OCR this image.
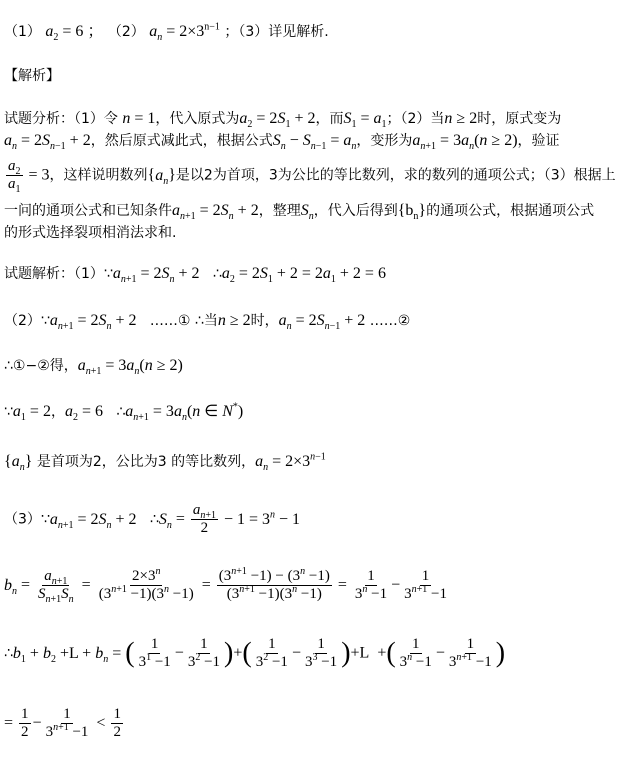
（1） $a_2 = 6$ ； （2） $a_n = 2\times 3^{n-1}$ ；（3）详见解析.
【解析】
试题分析：（1）令 n = 1，代入原式为$a_2 = 2S_1 + 2$，而$S_1 = a_1$；（2）当n ≥ 2时，原式变为
$a_n = 2S_{n-1} + 2$，然后原式减此式，根据公式$S_n - S_{n-1} = a_n$，变形为$a_{n+1} = 3a_n(n \ge 2)$，验证
$\frac{a_2}{a_1} = 3$，这样说明数列$\{a_n\}$是以2为首项，3为公比的等比数列，求的数列的通项公式；（3）根据上
一问的通项公式和已知条件$a_{n+1} = 2S_n + 2$，整理$S_n$，代入后得到$\{b_n\}$的通项公式，根据通项公式
的形式选择裂项相消法求和.
试题解析：$(1)\because a_{n+1} = 2S_n + 2$ $\therefore a_2 = 2S_1 + 2 = 2a_1 + 2 = 6$
$(2)\because a_{n+1} = 2S_n + 2$ ……① ∴当n ≥ 2时，$a_n = 2S_{n-1} + 2$ ……②
∴①−②得，$a_{n+1} = 3a_n(n \ge 2)$
$\because a_1 = 2$，$a_2 = 6$ $\therefore a_{n+1} = 3a_n(n$ ∈ N*)
$\{a_n\}$ 是首项为2，公比为3 的等比数列，$a_n = 2\times 3^{n-1}$
$(3)\because a_{n+1} = 2S_n + 2$ $\therefore S_n = \frac{a_{n+1}}{2} - 1 = 3^n - 1$
$b_n = \frac{a_{n+1}}{S_{n+1}S_n} = \frac{2\times 3^n}{(3^{n+1} -1)(3^n -1)} = \frac{(3^{n+1} -1) - (3^n -1)}{(3^{n+1} -1)(3^n -1)} = \frac{1}{3^n -1} - \frac{1}{3^{n+1} -1}$
$\therefore b_1 + b_2 +L + b_n$ = ( $\frac{1}{3^1 -1} - \frac{1}{3^2 -1}$ )+( $\frac{1}{3^2 -1} - \frac{1}{3^3 -1} )+L$  +( $\frac{1}{3^n -1} - \frac{1}{3^{n+1} -1}$ )
= $\frac{1}{2} - \frac{1}{3^{n+1} -1} < \frac{1}{2}$
